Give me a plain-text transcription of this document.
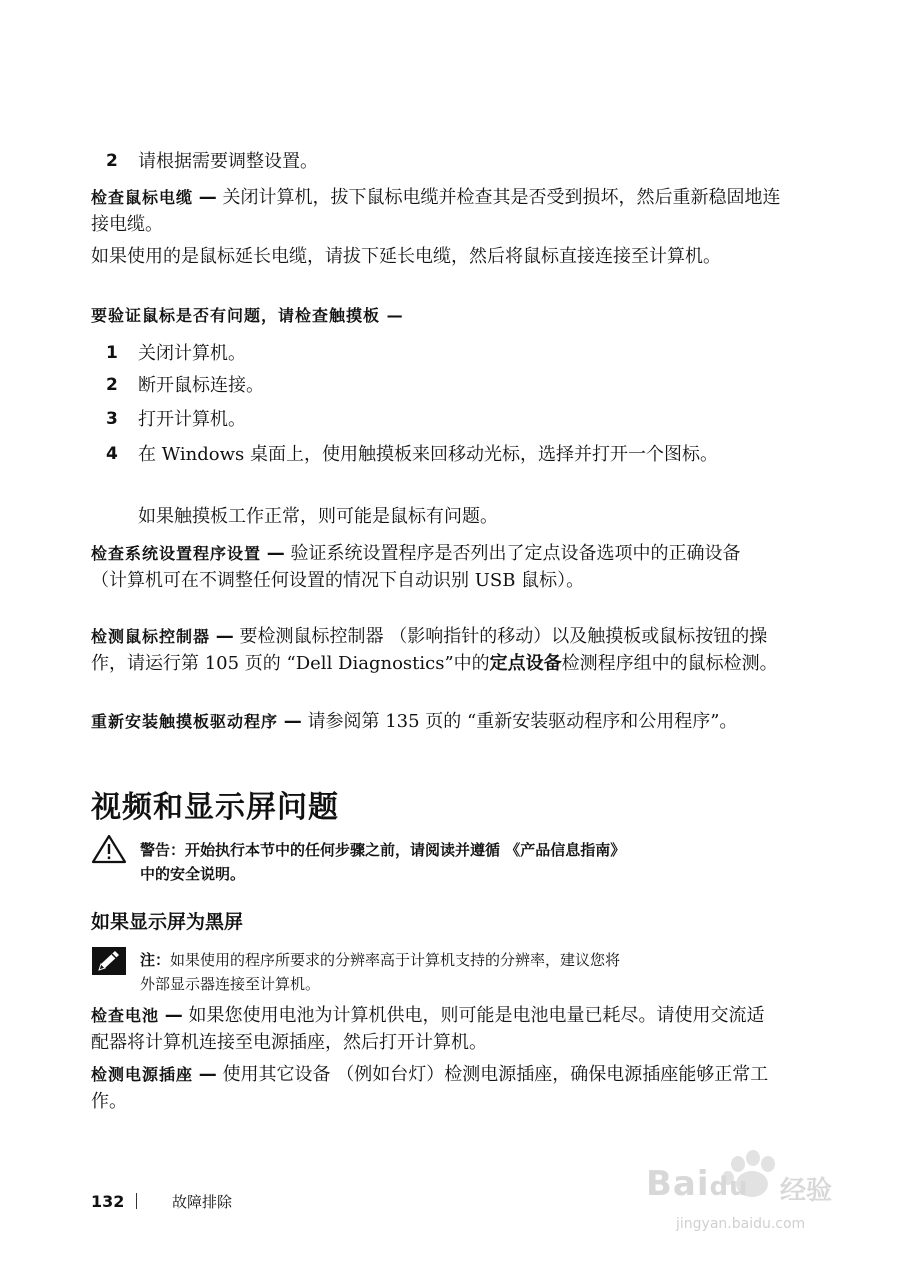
2 请根据需要调整设置。
检查鼠标电缆 — 关闭计算机，拔下鼠标电缆并检查其是否受到损坏，然后重新稳固地连接电缆。
如果使用的是鼠标延长电缆，请拔下延长电缆，然后将鼠标直接连接至计算机。
要验证鼠标是否有问题，请检查触摸板 —
1 关闭计算机。
2 断开鼠标连接。
3 打开计算机。
4 在 Windows 桌面上，使用触摸板来回移动光标，选择并打开一个图标。
如果触摸板工作正常，则可能是鼠标有问题。
检查系统设置程序设置 — 验证系统设置程序是否列出了定点设备选项中的正确设备 （计算机可在不调整任何设置的情况下自动识别 USB 鼠标）。
检测鼠标控制器 — 要检测鼠标控制器 （影响指针的移动）以及触摸板或鼠标按钮的操作，请运行第 105 页的 “Dell Diagnostics”中的定点设备检测程序组中的鼠标检测。
重新安装触摸板驱动程序 — 请参阅第 135 页的 “重新安装驱动程序和公用程序”。
视频和显示屏问题
警告：开始执行本节中的任何步骤之前，请阅读并遵循 《产品信息指南》
中的安全说明。
如果显示屏为黑屏
注：如果使用的程序所要求的分辨率高于计算机支持的分辨率，建议您将
外部显示器连接至计算机。
检查电池 — 如果您使用电池为计算机供电，则可能是电池电量已耗尽。请使用交流适配器将计算机连接至电源插座，然后打开计算机。
检测电源插座 — 使用其它设备 （例如台灯）检测电源插座，确保电源插座能够正常工作。
132	故障排除	Baidu 经验
jingyan.baidu.com
